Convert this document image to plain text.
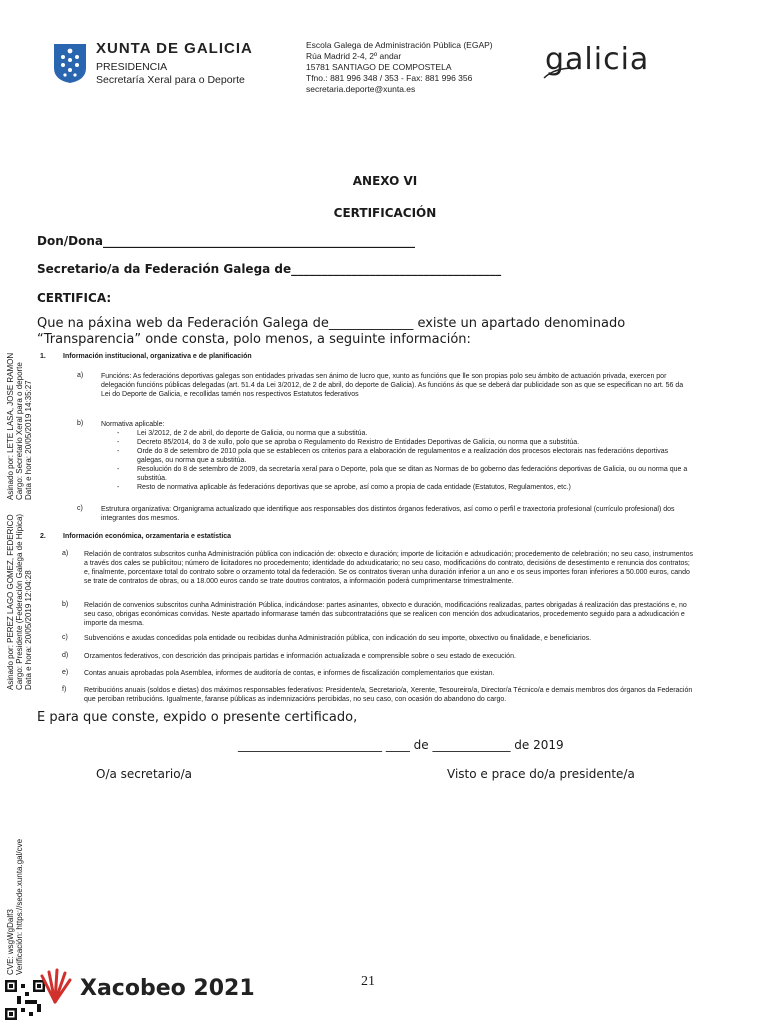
XUNTA DE GALICIA
PRESIDENCIA
Secretaría Xeral para o Deporte
Escola Galega de Administración Pública (EGAP)
Rúa Madrid 2-4, 2º andar
15781 SANTIAGO DE COMPOSTELA
Tfno.: 881 996 348 / 353 - Fax: 881 996 356
secretaria.deporte@xunta.es
galicia
ANEXO VI
CERTIFICACIÓN
Don/Dona____________________________________________________
Secretario/a da Federación Galega de___________________________________
CERTIFICA:
Que na páxina web da Federación Galega de_____________ existe un apartado denominado “Transparencia” onde consta, polo menos, a seguinte información:
1. Información institucional, organizativa e de planificación
a)	Funcións: As federacións deportivas galegas son entidades privadas sen ánimo de lucro que, xunto as funcións que lle son propias polo seu ámbito de actuación privada, exercen por delegación funcións públicas delegadas (art. 51.4 da Lei 3/2012, de 2 de abril, do deporte de Galicia). As funcións ás que se deberá dar publicidade son as que se especifican no art. 56 da Lei do Deporte de Galicia, e recollidas tamén nos respectivos Estatutos federativos
b)	Normativa aplicable:
- Lei 3/2012, de 2 de abril, do deporte de Galicia, ou norma que a substitúa.
- Decreto 85/2014, do 3 de xullo, polo que se aproba o Regulamento do Rexistro de Entidades Deportivas de Galicia, ou norma que a substitúa.
- Orde do 8 de setembro de 2010 pola que se establecen os criterios para a elaboración de regulamentos e a realización dos procesos electorais nas federacións deportivas galegas, ou norma que a substitúa.
- Resolución do 8 de setembro de 2009, da secretaría xeral para o Deporte, pola que se ditan as Normas de bo goberno das federacións deportivas de Galicia, ou ou norma que a substitúa.
- Resto de normativa aplicable ás federacións deportivas que se aprobe, así como a propia de cada entidade (Estatutos, Regulamentos, etc.)
c)	Estrutura organizativa: Organigrama actualizado que identifique aos responsables dos distintos órganos federativos, así como o perfil e traxectoria profesional (currículo profesional) dos integrantes dos mesmos.
2. Información económica, orzamentaria e estatística
a) Relación de contratos subscritos cunha Administración pública con indicación de: obxecto e duración; importe de licitación e adxudicación; procedemento de celebración; no seu caso, instrumentos a través dos cales se publicitou; número de licitadores no procedemento; identidade do adxudicatario; no seu caso, modificacións do contrato, decisións de desestimento e renuncia dos contratos; e, finalmente, porcentaxe total do contrato sobre o orzamento total da federación. Se os contratos tiveran unha duración inferior a un ano e os seus importes foran inferiores a 50.000 euros, cando se trate de contratos de obras, ou a 18.000 euros cando se trate doutros contratos, a información poderá cumprimentarse trimestralmente.
b) Relación de convenios subscritos cunha Administración Pública, indicándose: partes asinantes, obxecto e duración, modificacións realizadas, partes obrigadas á realización das prestacións e, no seu caso, obrigas económicas convidas. Neste apartado informarase tamén das subcontratacións que se realicen con mención dos adxudicatarios, procedemento seguido para a adxudicación e importe da mesma.
c) Subvencións e axudas concedidas pola entidade ou recibidas dunha Administración pública, con indicación do seu importe, obxectivo ou finalidade, e beneficiarios.
d) Orzamentos federativos, con descrición das principais partidas e información actualizada e comprensible sobre o seu estado de execución.
e) Contas anuais aprobadas pola Asemblea, informes de auditoría de contas, e informes de fiscalización complementarios que existan.
f)	Retribucións anuais (soldos e dietas) dos máximos responsables federativos: Presidente/a, Secretario/a, Xerente, Tesoureiro/a, Director/a Técnico/a e demais membros dos órganos da Federación que perciban retribucións. Igualmente, faranse públicas as indemnizacións percibidas, no seu caso, con ocasión do abandono do cargo.
E para que conste, expido o presente certificado,
________________________ ____ de _____________ de 2019
O/a secretario/a	Visto e prace do/a presidente/a
Asinado por: LETE LASA, JOSE RAMON Cargo: Secretario Xeral para o deporte Data e hora: 20/05/2019 14:35:27
Asinado por: PEREZ LAGO GOMEZ, FEDERICO Cargo: Presidente (Federación Galega de Hípica) Data e hora: 20/05/2019 12:04:28
CVE: wsgWgDalf3 Verificación: https://sede.xunta.gal/cve
Xacobeo 2021	21
